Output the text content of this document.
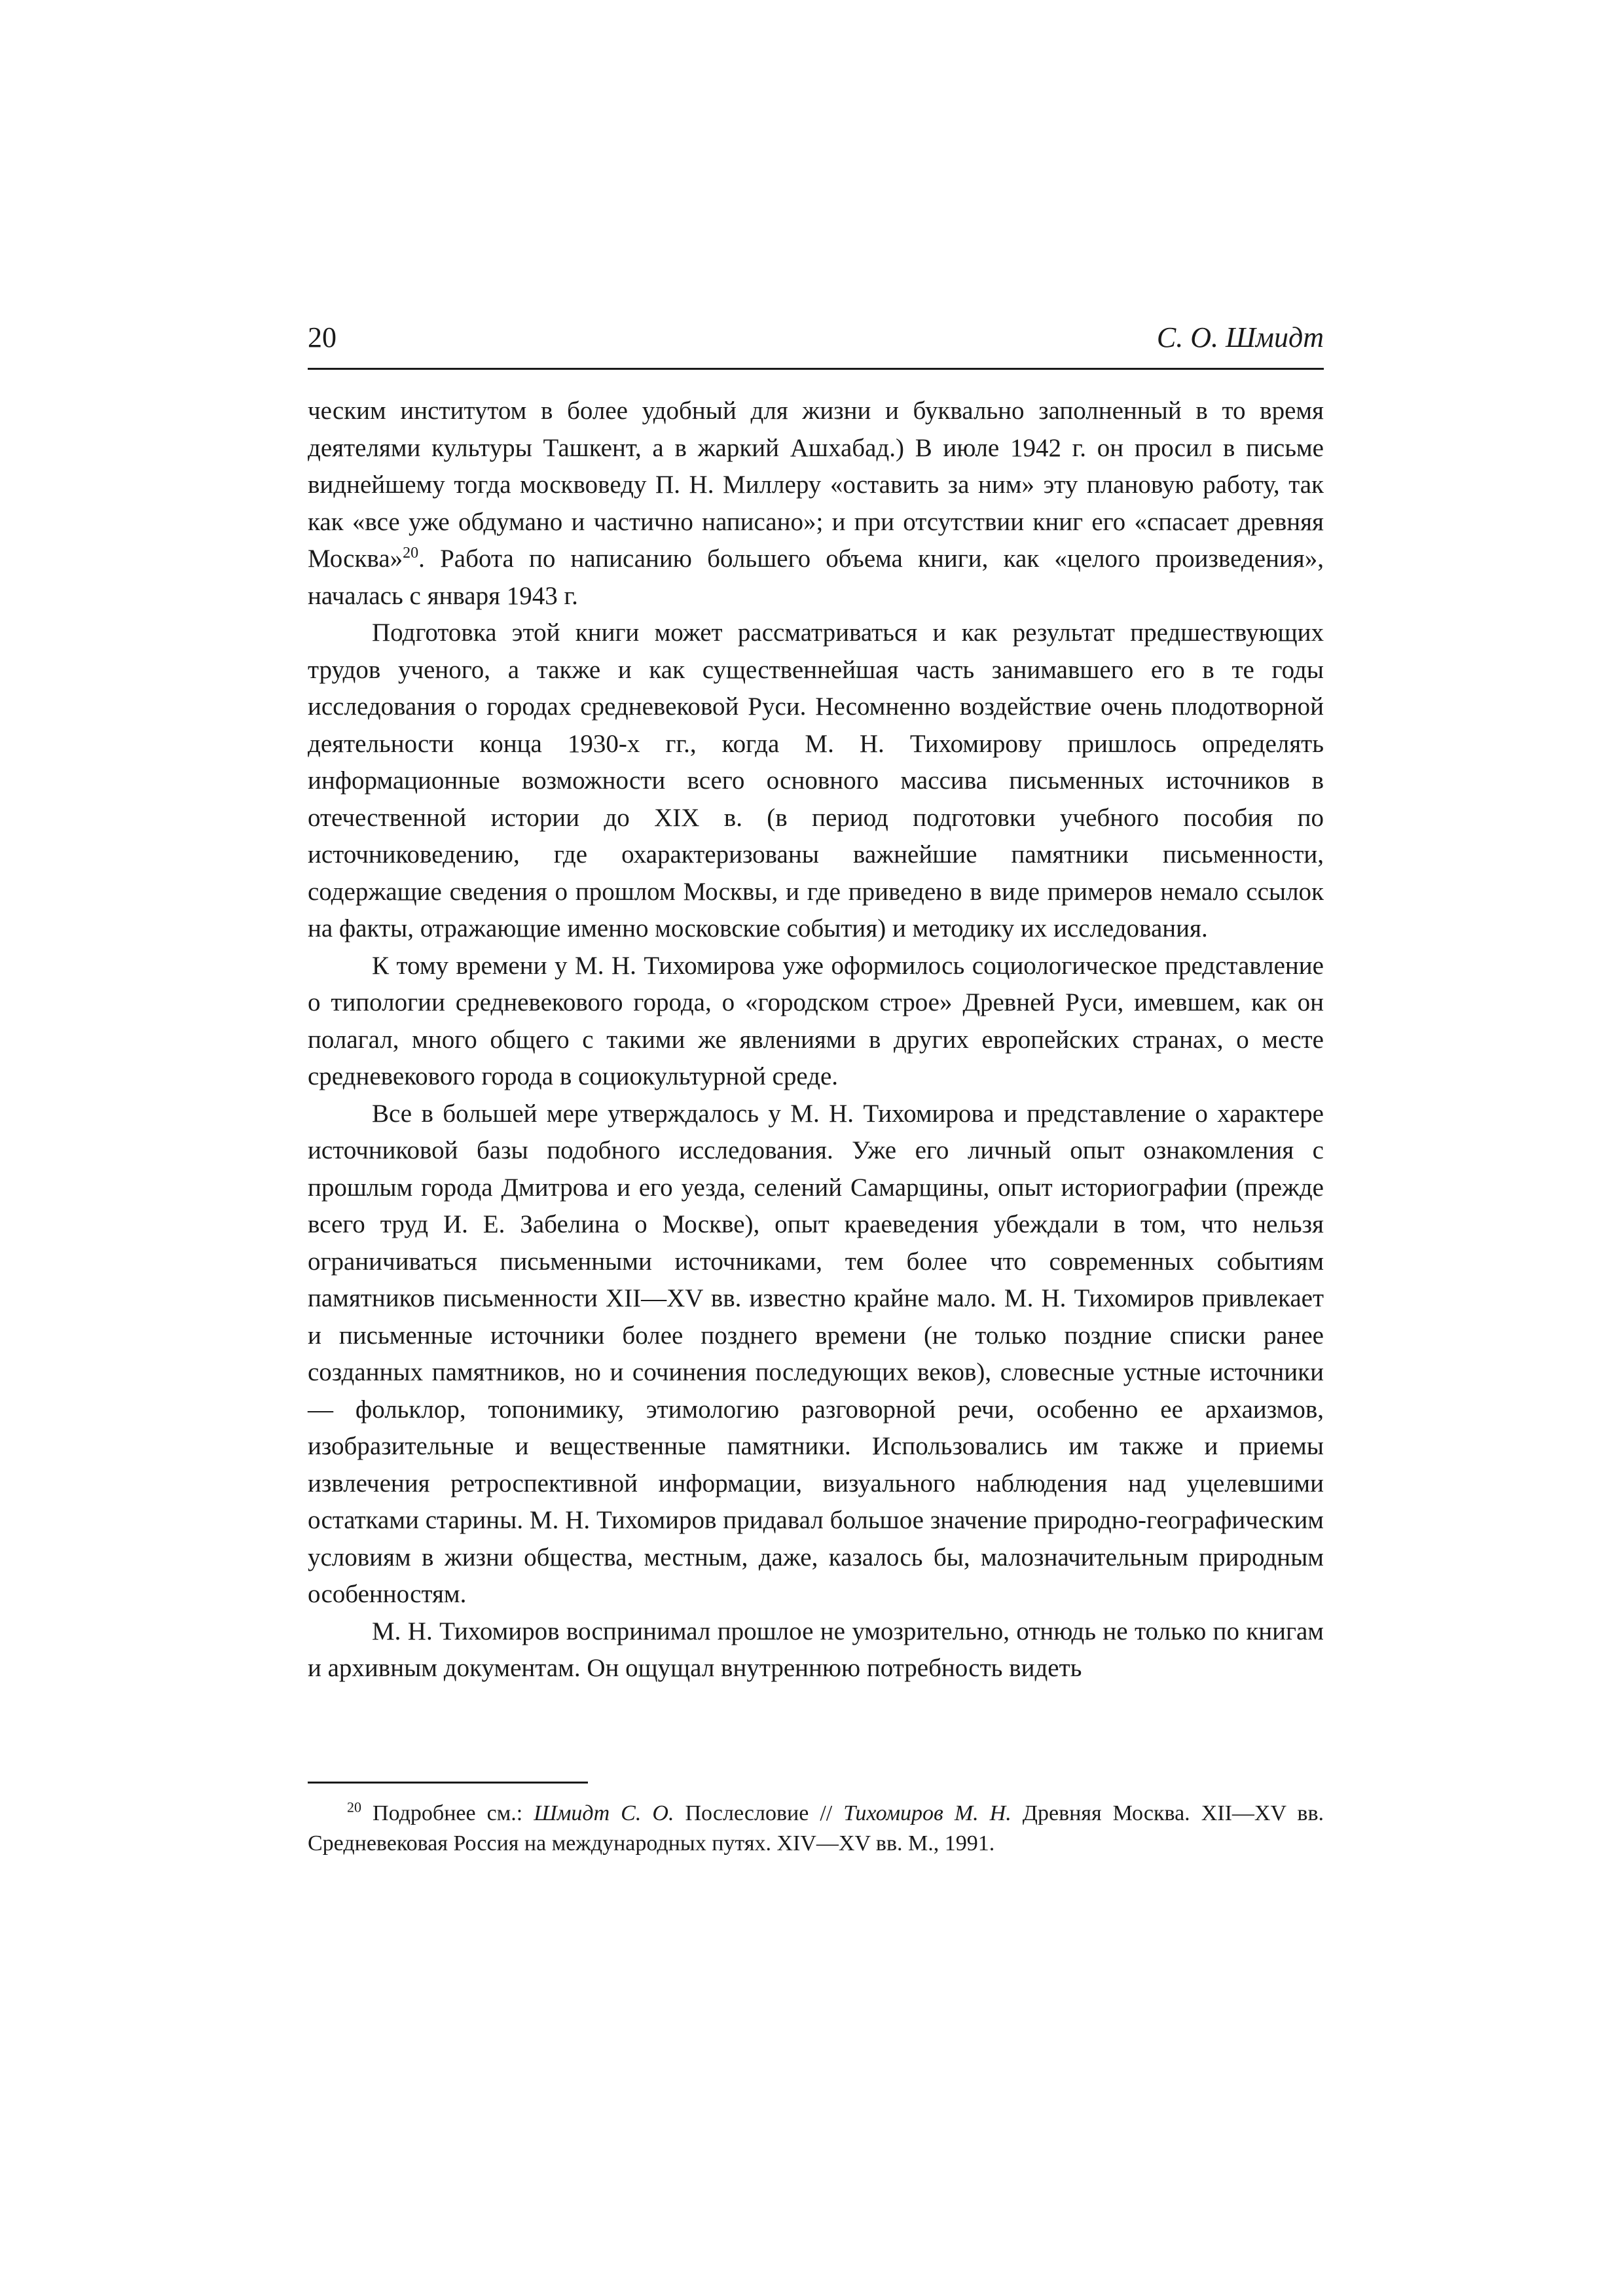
20	С. О. Шмидт

ческим институтом в более удобный для жизни и буквально заполненный в то время деятелями культуры Ташкент, а в жаркий Ашхабад.) В июле 1942 г. он просил в письме виднейшему тогда москвоведу П. Н. Миллеру «оставить за ним» эту плановую работу, так как «все уже обдумано и частично написано»; и при отсутствии книг его «спасает древняя Москва»$^{20}$. Работа по написанию большего объема книги, как «целого произведения», началась с января 1943 г.

Подготовка этой книги может рассматриваться и как результат предшествующих трудов ученого, а также и как существеннейшая часть занимавшего его в те годы исследования о городах средневековой Руси. Несомненно воздействие очень плодотворной деятельности конца 1930-х гг., когда М. Н. Тихомирову пришлось определять информационные возможности всего основного массива письменных источников в отечественной истории до XIX в. (в период подготовки учебного пособия по источниковедению, где охарактеризованы важнейшие памятники письменности, содержащие сведения о прошлом Москвы, и где приведено в виде примеров немало ссылок на факты, отражающие именно московские события) и методику их исследования.

К тому времени у М. Н. Тихомирова уже оформилось социологическое представление о типологии средневекового города, о «городском строе» Древней Руси, имевшем, как он полагал, много общего с такими же явлениями в других европейских странах, о месте средневекового города в социокультурной среде.

Все в большей мере утверждалось у М. Н. Тихомирова и представление о характере источниковой базы подобного исследования. Уже его личный опыт ознакомления с прошлым города Дмитрова и его уезда, селений Самарщины, опыт историографии (прежде всего труд И. Е. Забелина о Москве), опыт краеведения убеждали в том, что нельзя ограничиваться письменными источниками, тем более что современных событиям памятников письменности XII—XV вв. известно крайне мало. М. Н. Тихомиров привлекает и письменные источники более позднего времени (не только поздние списки ранее созданных памятников, но и сочинения последующих веков), словесные устные источники — фольклор, топонимику, этимологию разговорной речи, особенно ее архаизмов, изобразительные и вещественные памятники. Использовались им также и приемы извлечения ретроспективной информации, визуального наблюдения над уцелевшими остатками старины. М. Н. Тихомиров придавал большое значение природно-географическим условиям в жизни общества, местным, даже, казалось бы, малозначительным природным особенностям.

М. Н. Тихомиров воспринимал прошлое не умозрительно, отнюдь не только по книгам и архивным документам. Он ощущал внутреннюю потребность видеть

$^{20}$ Подробнее см.: Шмидт С. О. Послесловие // Тихомиров М. Н. Древняя Москва. XII—XV вв. Средневековая Россия на международных путях. XIV—XV вв. М., 1991.
